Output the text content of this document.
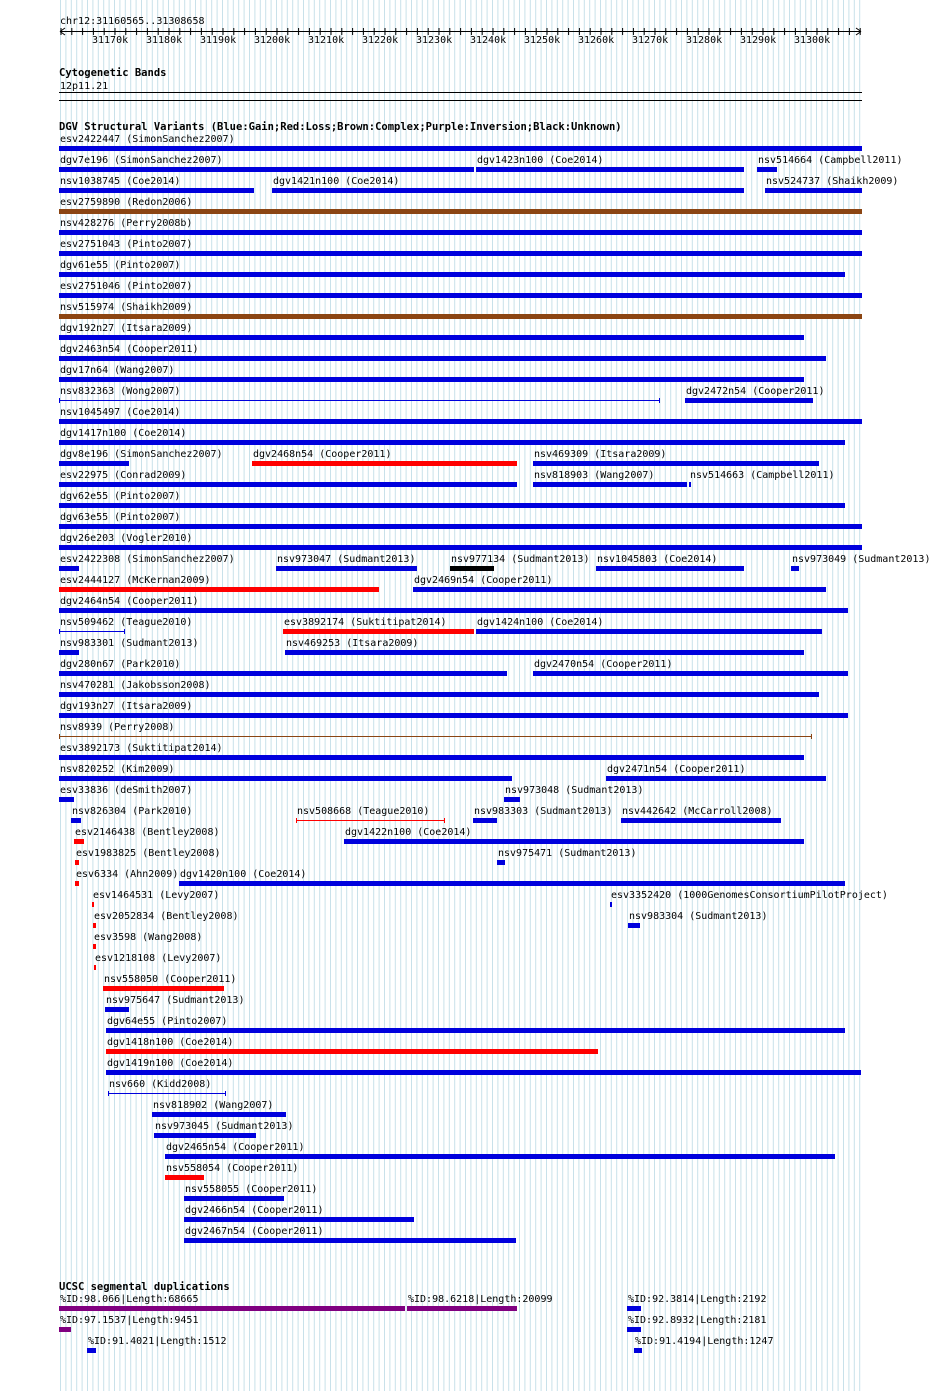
chr12:31160565..31308658
31170k 31180k 31190k 31200k 31210k 31220k 31230k 31240k 31250k 31260k 31270k 31280k 31290k 31300k
Cytogenetic Bands
12p11.21
DGV Structural Variants (Blue:Gain;Red:Loss;Brown:Complex;Purple:Inversion;Black:Unknown)
esv2422447 (SimonSanchez2007)
dgv7e196 (SimonSanchez2007)	dgv1423n100 (Coe2014)	nsv514664 (Campbell2011)
nsv1038745 (Coe2014)	dgv1421n100 (Coe2014)	nsv524737 (Shaikh2009)
esv2759890 (Redon2006)
nsv428276 (Perry2008b)
esv2751043 (Pinto2007)
dgv61e55 (Pinto2007)
esv2751046 (Pinto2007)
nsv515974 (Shaikh2009)
dgv192n27 (Itsara2009)
dgv2463n54 (Cooper2011)
dgv17n64 (Wang2007)
nsv832363 (Wong2007)	dgv2472n54 (Cooper2011)
nsv1045497 (Coe2014)
dgv1417n100 (Coe2014)
dgv8e196 (SimonSanchez2007)	dgv2468n54 (Cooper2011)	nsv469309 (Itsara2009)
esv22975 (Conrad2009)	nsv818903 (Wang2007)	nsv514663 (Campbell2011)
dgv62e55 (Pinto2007)
dgv63e55 (Pinto2007)
dgv26e203 (Vogler2010)
esv2422308 (SimonSanchez2007)	nsv973047 (Sudmant2013)	nsv977134 (Sudmant2013) nsv1045803 (Coe2014)	nsv973049 (Sudmant2013)
esv2444127 (McKernan2009)	dgv2469n54 (Cooper2011)
dgv2464n54 (Cooper2011)
nsv509462 (Teague2010)	esv3892174 (Suktitipat2014)	dgv1424n100 (Coe2014)
nsv983301 (Sudmant2013)	nsv469253 (Itsara2009)
dgv280n67 (Park2010)	dgv2470n54 (Cooper2011)
nsv470281 (Jakobsson2008)
dgv193n27 (Itsara2009)
nsv8939 (Perry2008)
esv3892173 (Suktitipat2014)
nsv820252 (Kim2009)	dgv2471n54 (Cooper2011)
esv33836 (deSmith2007)	nsv973048 (Sudmant2013)
nsv826304 (Park2010)	nsv508668 (Teague2010)	nsv983303 (Sudmant2013) nsv442642 (McCarroll2008)
esv2146438 (Bentley2008)	dgv1422n100 (Coe2014)
esv1983825 (Bentley2008)	nsv975471 (Sudmant2013)
esv6334 (Ahn2009) dgv1420n100 (Coe2014)
esv1464531 (Levy2007)	esv3352420 (1000GenomesConsortiumPilotProject)
esv2052834 (Bentley2008)	nsv983304 (Sudmant2013)
esv3598 (Wang2008)
esv1218108 (Levy2007)
nsv558050 (Cooper2011)
nsv975647 (Sudmant2013)
dgv64e55 (Pinto2007)
dgv1418n100 (Coe2014)
dgv1419n100 (Coe2014)
nsv660 (Kidd2008)
nsv818902 (Wang2007)
nsv973045 (Sudmant2013)
dgv2465n54 (Cooper2011)
nsv558054 (Cooper2011)
nsv558055 (Cooper2011)
dgv2466n54 (Cooper2011)
dgv2467n54 (Cooper2011)
UCSC segmental duplications
%ID:98.066|Length:68665	%ID:98.6218|Length:20099	%ID:92.3814|Length:2192
%ID:97.1537|Length:9451	%ID:92.8932|Length:2181
%ID:91.4021|Length:1512	%ID:91.4194|Length:1247
